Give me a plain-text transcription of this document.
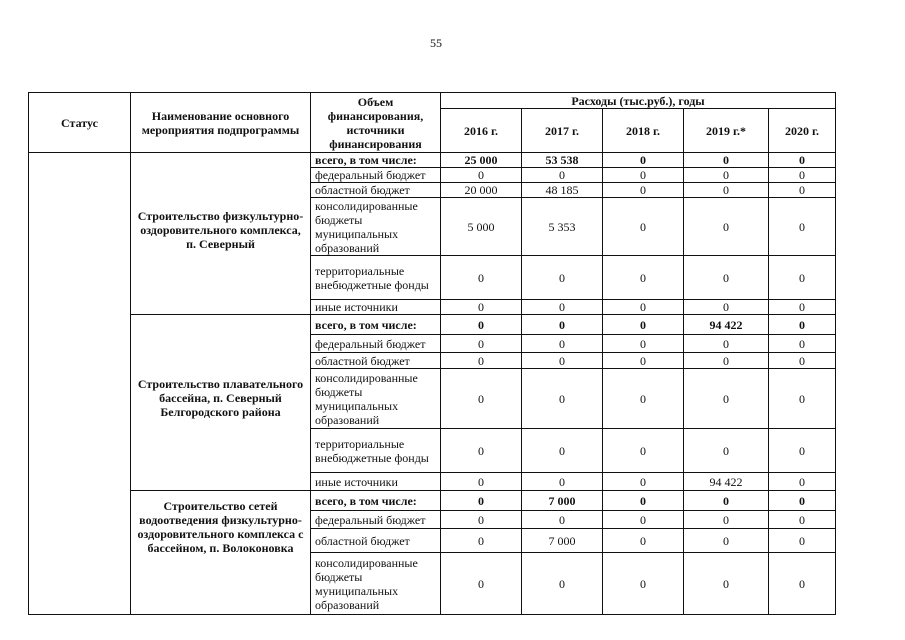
55
Статус	Наименование основного мероприятия подпрограммы	Объем финансирования, источники финансирования	Расходы (тыс.руб.), годы				
			2016 г.	2017 г.	2018 г.	2019 г.*	2020 г.
	Строительство физкультурно-оздоровительного комплекса, п. Северный	всего, в том числе:	25 000	53 538	0	0	0
		федеральный бюджет	0	0	0	0	0
		областной бюджет	20 000	48 185	0	0	0
		консолидированные бюджеты муниципальных образований	5 000	5 353	0	0	0
		территориальные внебюджетные фонды	0	0	0	0	0
		иные источники	0	0	0	0	0
	Строительство плавательного бассейна, п. Северный Белгородского района	всего, в том числе:	0	0	0	94 422	0
		федеральный бюджет	0	0	0	0	0
		областной бюджет	0	0	0	0	0
		консолидированные бюджеты муниципальных образований	0	0	0	0	0
		территориальные внебюджетные фонды	0	0	0	0	0
		иные источники	0	0	0	94 422	0
	Строительство сетей водоотведения физкультурно-оздоровительного комплекса с бассейном, п. Волоконовка	всего, в том числе:	0	7 000	0	0	0
		федеральный бюджет	0	0	0	0	0
		областной бюджет	0	7 000	0	0	0
		консолидированные бюджеты муниципальных образований	0	0	0	0	0
